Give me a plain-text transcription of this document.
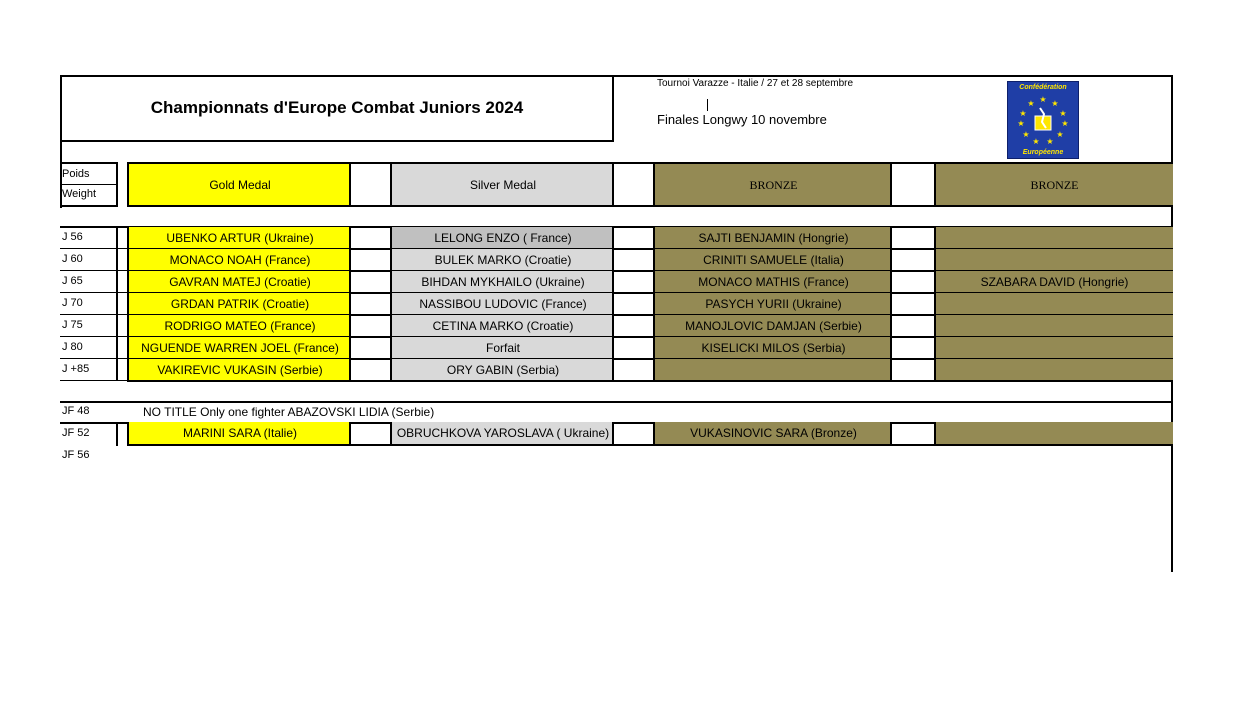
Championnats d'Europe Combat Juniors 2024
Tournoi Varazze - Italie / 27 et 28 septembre
Finales Longwy 10 novembre
Confédération
★ ★
★
★
★
★
★
★
★
★
★
Européenne
Poids
Weight
Gold Medal	Silver Medal	BRONZE	BRONZE
J 56	UBENKO ARTUR (Ukraine)	LELONG ENZO ( France)	SAJTI BENJAMIN (Hongrie)
J 60	MONACO NOAH (France)	BULEK MARKO (Croatie)	CRINITI SAMUELE (Italia)
J 65	GAVRAN MATEJ (Croatie)	BIHDAN MYKHAILO (Ukraine)	MONACO MATHIS (France)	SZABARA DAVID (Hongrie)
J 70	GRDAN PATRIK (Croatie)	NASSIBOU LUDOVIC (France)	PASYCH YURII (Ukraine)
J 75	RODRIGO MATEO (France)	CETINA MARKO (Croatie)	MANOJLOVIC DAMJAN (Serbie)
J 80	NGUENDE WARREN JOEL (France)	Forfait	KISELICKI MILOS (Serbia)
J +85	VAKIREVIC VUKASIN (Serbie)	ORY GABIN (Serbia)
JF 48	NO TITLE Only one fighter ABAZOVSKI LIDIA (Serbie)
JF 52	MARINI SARA (Italie)	OBRUCHKOVA YAROSLAVA ( Ukraine)	VUKASINOVIC SARA (Bronze)
JF 56
